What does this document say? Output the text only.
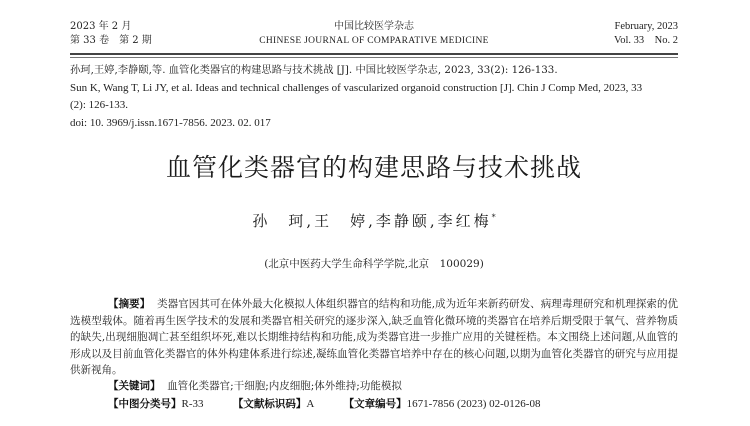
2023 年 2 月
第 33 卷　第 2 期
中国比较医学杂志
CHINESE JOURNAL OF COMPARATIVE MEDICINE
February, 2023
Vol. 33　No. 2
孙珂,王婷,李静颐,等. 血管化类器官的构建思路与技术挑战 [J]. 中国比较医学杂志, 2023, 33(2): 126-133.
Sun K, Wang T, Li JY, et al. Ideas and technical challenges of vascularized organoid construction [J]. Chin J Comp Med, 2023, 33
(2): 126-133.
doi: 10. 3969/j.issn.1671-7856. 2023. 02. 017
血管化类器官的构建思路与技术挑战
孙　珂,王　婷,李静颐,李红梅*
(北京中医药大学生命科学学院,北京　100029)
【摘要】 类器官因其可在体外最大化模拟人体组织器官的结构和功能,成为近年来新药研发、病理毒理研究和机理探索的优选模型载体。随着再生医学技术的发展和类器官相关研究的逐步深入,缺乏血管化微环境的类器官在培养后期受限于氧气、营养物质的缺失,出现细胞凋亡甚至组织坏死,难以长期维持结构和功能,成为类器官进一步推广应用的关键桎梏。本文围绕上述问题,从血管的形成以及目前血管化类器官的体外构建体系进行综述,凝练血管化类器官培养中存在的核心问题,以期为血管化类器官的研究与应用提供新视角。
【关键词】 血管化类器官;干细胞;内皮细胞;体外维持;功能模拟
【中图分类号】R-33	【文献标识码】A	【文章编号】1671-7856 (2023) 02-0126-08
